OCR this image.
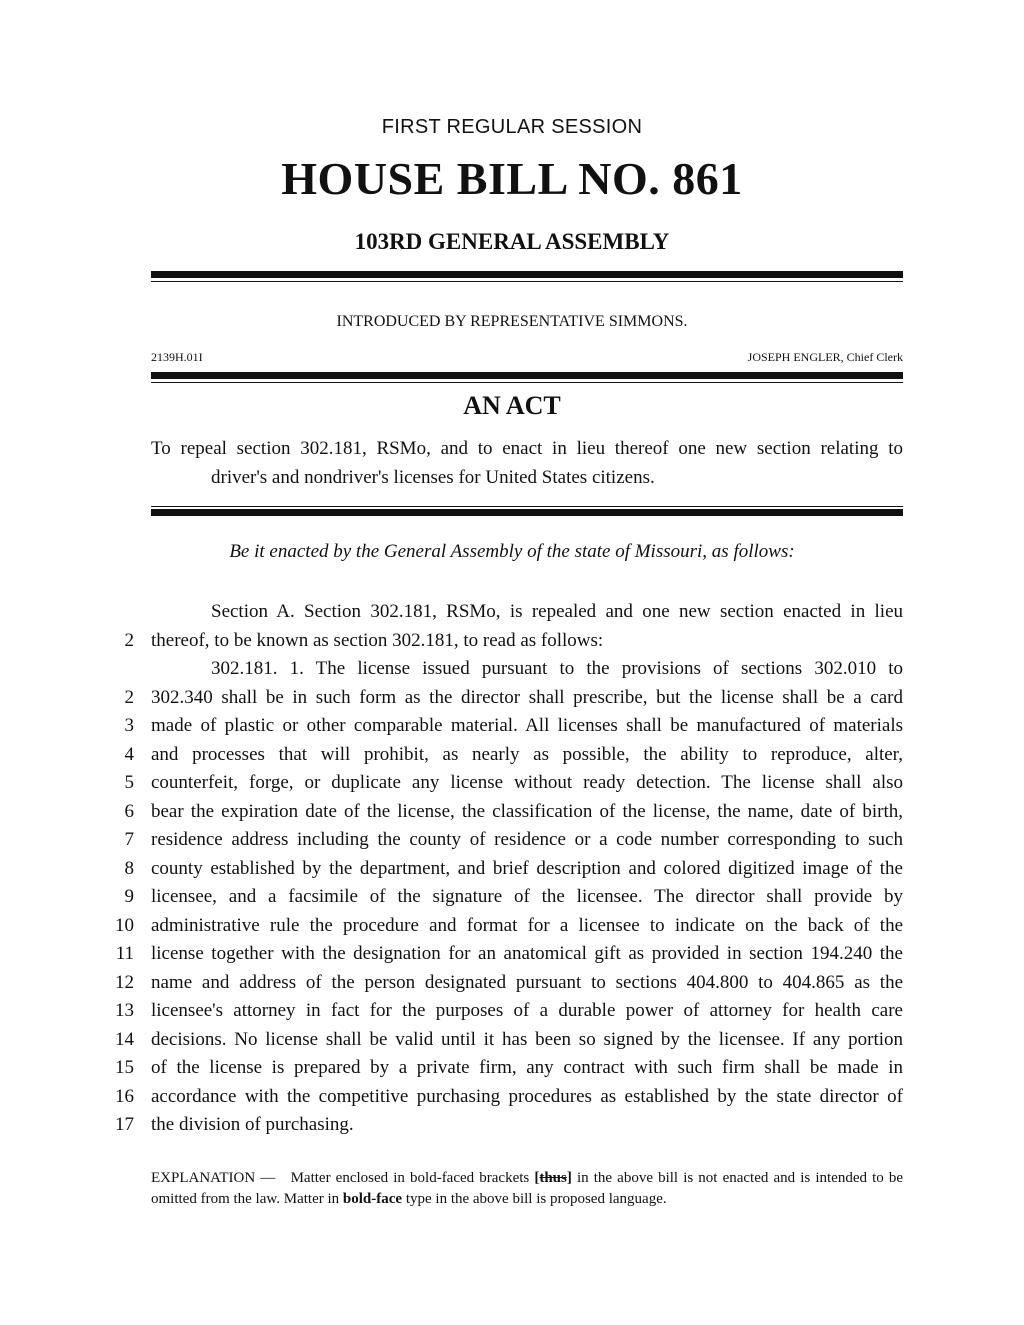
FIRST REGULAR SESSION
HOUSE BILL NO. 861
103RD GENERAL ASSEMBLY
INTRODUCED BY REPRESENTATIVE SIMMONS.
2139H.01I	JOSEPH ENGLER, Chief Clerk
AN ACT

To repeal section 302.181, RSMo, and to enact in lieu thereof one new section relating to

driver's and nondriver's licenses for United States citizens.

Be it enacted by the General Assembly of the state of Missouri, as follows:
Section A. Section 302.181, RSMo, is repealed and one new section enacted in lieu
2 thereof, to be known as section 302.181, to read as follows:
302.181. 1. The license issued pursuant to the provisions of sections 302.010 to
2 302.340 shall be in such form as the director shall prescribe, but the license shall be a card
3 made of plastic or other comparable material. All licenses shall be manufactured of materials
4 and processes that will prohibit, as nearly as possible, the ability to reproduce, alter,
5 counterfeit, forge, or duplicate any license without ready detection. The license shall also
6 bear the expiration date of the license, the classification of the license, the name, date of birth,
7 residence address including the county of residence or a code number corresponding to such
8 county established by the department, and brief description and colored digitized image of the
9 licensee, and a facsimile of the signature of the licensee. The director shall provide by
10 administrative rule the procedure and format for a licensee to indicate on the back of the
11 license together with the designation for an anatomical gift as provided in section 194.240 the
12 name and address of the person designated pursuant to sections 404.800 to 404.865 as the
13 licensee's attorney in fact for the purposes of a durable power of attorney for health care
14 decisions. No license shall be valid until it has been so signed by the licensee. If any portion
15 of the license is prepared by a private firm, any contract with such firm shall be made in
16 accordance with the competitive purchasing procedures as established by the state director of
17 the division of purchasing.

EXPLANATION — Matter enclosed in bold-faced brackets [thus] in the above bill is not enacted and is intended to be omitted from the law. Matter in bold-face type in the above bill is proposed language.
